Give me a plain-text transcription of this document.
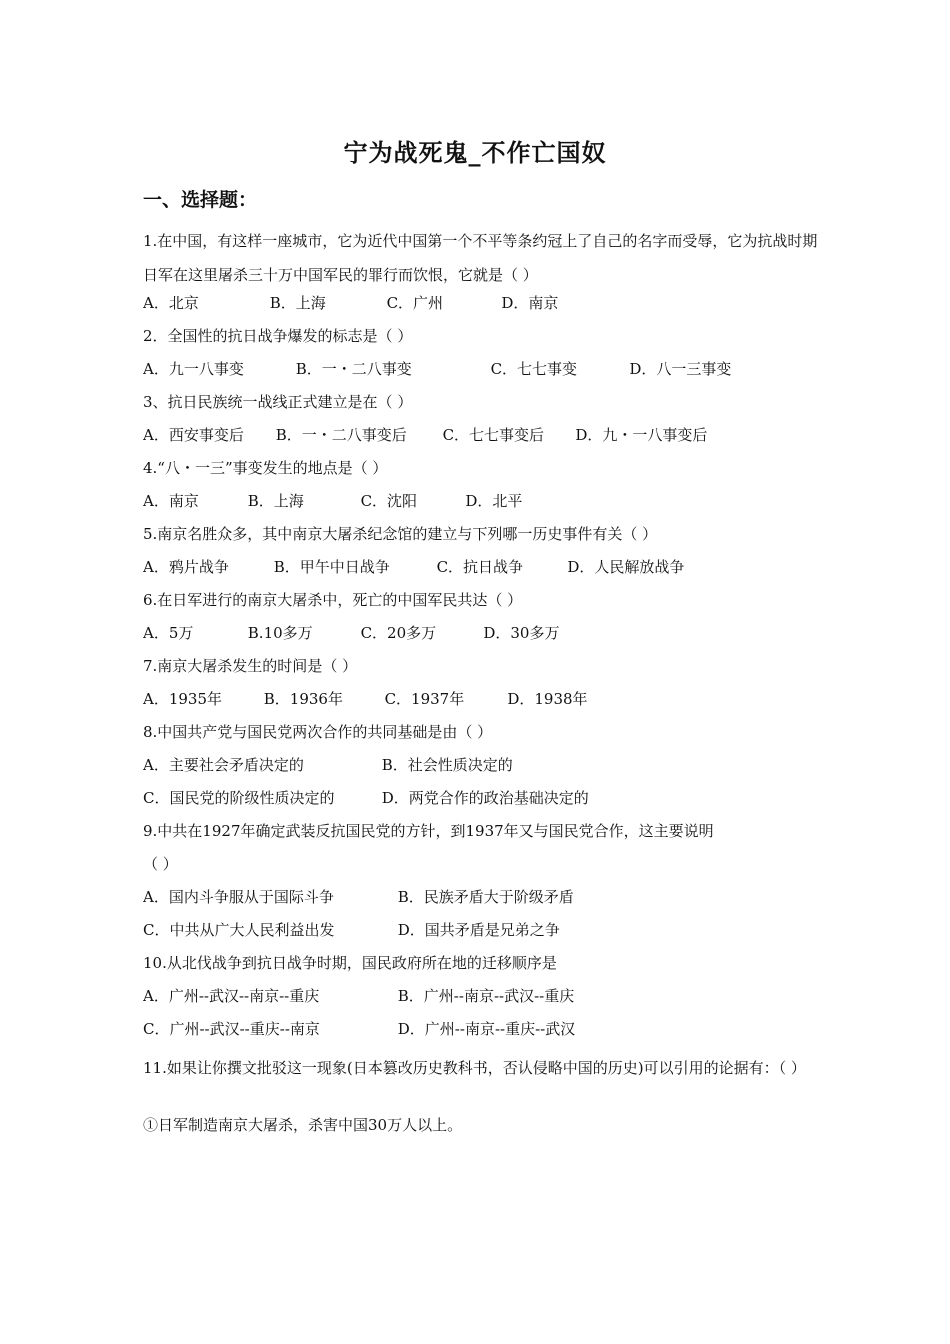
宁为战死鬼_不作亡国奴
一、选择题：
1.在中国，有这样一座城市，它为近代中国第一个不平等条约冠上了自己的名字而受辱，它为抗战时期日军在这里屠杀三十万中国军民的罪行而饮恨，它就是（ ）
A．北京	B．上海	C．广州	D．南京
2．全国性的抗日战争爆发的标志是（ ）
A．九一八事变	B．一・二八事变	C．七七事变	D．八一三事变
3、抗日民族统一战线正式建立是在（ ）
A．西安事变后 B．一・二八事变后 C．七七事变后 D．九・一八事变后
4.“八・一三”事变发生的地点是（ ）
A．南京	B．上海	C．沈阳	D．北平
5.南京名胜众多，其中南京大屠杀纪念馆的建立与下列哪一历史事件有关（ ）
A．鸦片战争	B．甲午中日战争	C．抗日战争	D．人民解放战争
6.在日军进行的南京大屠杀中，死亡的中国军民共达（ ）
A．5万	B.10多万	C．20多万	D．30多万
7.南京大屠杀发生的时间是（ ）
A．1935年	B．1936年	C．1937年	D．1938年
8.中国共产党与国民党两次合作的共同基础是由（ ）
A．主要社会矛盾决定的	B．社会性质决定的
C．国民党的阶级性质决定的	D．两党合作的政治基础决定的
9.中共在1927年确定武装反抗国民党的方针，到1937年又与国民党合作，这主要说明
（ ）
A．国内斗争服从于国际斗争	B．民族矛盾大于阶级矛盾
C．中共从广大人民利益出发	D．国共矛盾是兄弟之争
10.从北伐战争到抗日战争时期，国民政府所在地的迁移顺序是
A．广州--武汉--南京--重庆	B．广州--南京--武汉--重庆
C．广州--武汉--重庆--南京	D．广州--南京--重庆--武汉
11.如果让你撰文批驳这一现象(日本篡改历史教科书，否认侵略中国的历史)可以引用的论据有：（ ）
①日军制造南京大屠杀，杀害中国30万人以上。
